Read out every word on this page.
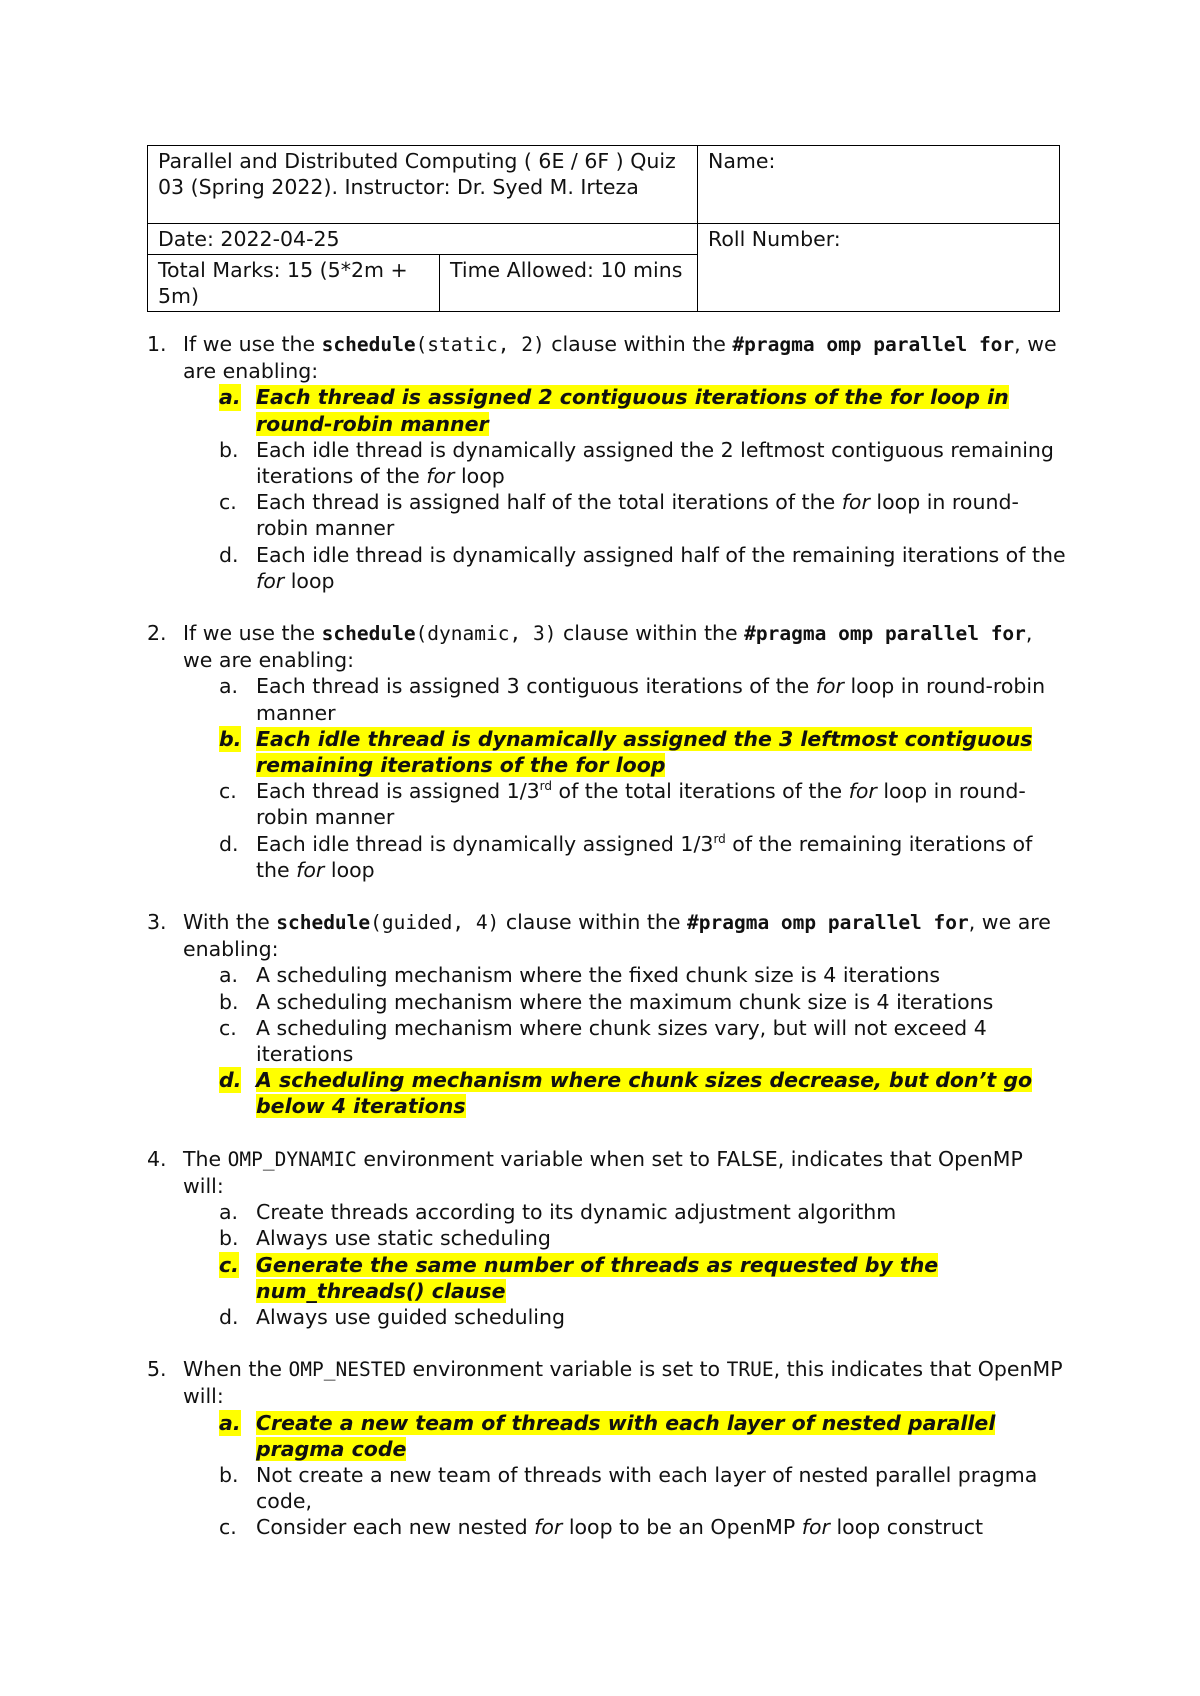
Parallel and Distributed Computing ( 6E / 6F ) Quiz 03 (Spring 2022). Instructor: Dr. Syed M. Irteza		Name:
Date: 2022-04-25		Roll Number:
Total Marks: 15 (5*2m + 5m)	Time Allowed: 10 mins	
1. If we use the schedule(static, 2) clause within the #pragma omp parallel for, we are enabling:
a. Each thread is assigned 2 contiguous iterations of the for loop in round-robin manner
b. Each idle thread is dynamically assigned the 2 leftmost contiguous remaining iterations of the for loop
c. Each thread is assigned half of the total iterations of the for loop in round-robin manner
d. Each idle thread is dynamically assigned half of the remaining iterations of the for loop
2. If we use the schedule(dynamic, 3) clause within the #pragma omp parallel for, we are enabling:
a. Each thread is assigned 3 contiguous iterations of the for loop in round-robin manner
b. Each idle thread is dynamically assigned the 3 leftmost contiguous remaining iterations of the for loop
c. Each thread is assigned 1/3rd of the total iterations of the for loop in round-robin manner
d. Each idle thread is dynamically assigned 1/3rd of the remaining iterations of the for loop
3. With the schedule(guided, 4) clause within the #pragma omp parallel for, we are enabling:
a. A scheduling mechanism where the fixed chunk size is 4 iterations
b. A scheduling mechanism where the maximum chunk size is 4 iterations
c. A scheduling mechanism where chunk sizes vary, but will not exceed 4 iterations
d. A scheduling mechanism where chunk sizes decrease, but don’t go below 4 iterations
4. The OMP_DYNAMIC environment variable when set to FALSE, indicates that OpenMP will:
a. Create threads according to its dynamic adjustment algorithm
b. Always use static scheduling
c. Generate the same number of threads as requested by the num_threads() clause
d. Always use guided scheduling
5. When the OMP_NESTED environment variable is set to TRUE, this indicates that OpenMP will:
a. Create a new team of threads with each layer of nested parallel pragma code
b. Not create a new team of threads with each layer of nested parallel pragma code,
c. Consider each new nested for loop to be an OpenMP for loop construct
